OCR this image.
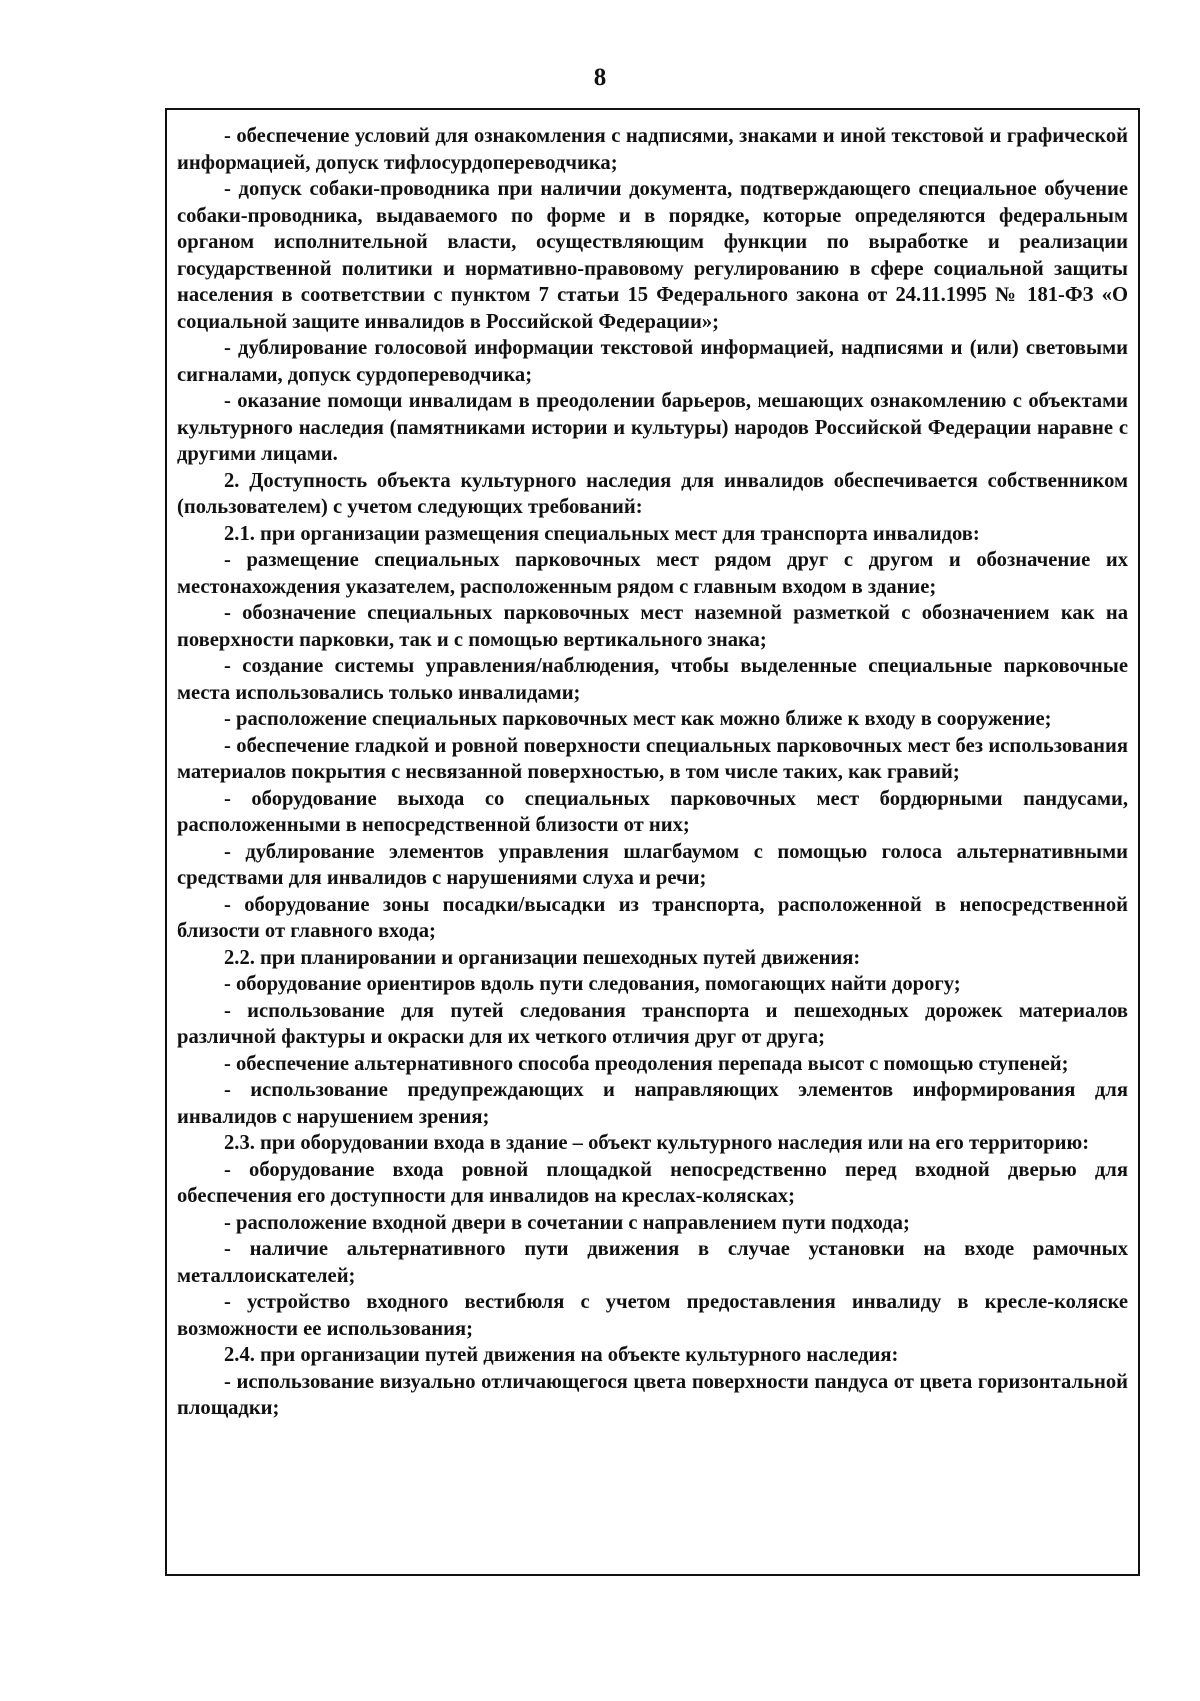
8

- обеспечение условий для ознакомления с надписями, знаками и иной текстовой и графической информацией, допуск тифлосурдопереводчика;

- допуск собаки-проводника при наличии документа, подтверждающего специальное обучение собаки-проводника, выдаваемого по форме и в порядке, которые определяются федеральным органом исполнительной власти, осуществляющим функции по выработке и реализации государственной политики и нормативно-правовому регулированию в сфере социальной защиты населения в соответствии с пунктом 7 статьи 15 Федерального закона от 24.11.1995 № 181-ФЗ «О социальной защите инвалидов в Российской Федерации»;

- дублирование голосовой информации текстовой информацией, надписями и (или) световыми сигналами, допуск сурдопереводчика;

- оказание помощи инвалидам в преодолении барьеров, мешающих ознакомлению с объектами культурного наследия (памятниками истории и культуры) народов Российской Федерации наравне с другими лицами.

2. Доступность объекта культурного наследия для инвалидов обеспечивается собственником (пользователем) с учетом следующих требований:

2.1. при организации размещения специальных мест для транспорта инвалидов:

- размещение специальных парковочных мест рядом друг с другом и обозначение их местонахождения указателем, расположенным рядом с главным входом в здание;

- обозначение специальных парковочных мест наземной разметкой с обозначением как на поверхности парковки, так и с помощью вертикального знака;

- создание системы управления/наблюдения, чтобы выделенные специальные парковочные места использовались только инвалидами;

- расположение специальных парковочных мест как можно ближе к входу в сооружение;

- обеспечение гладкой и ровной поверхности специальных парковочных мест без использования материалов покрытия с несвязанной поверхностью, в том числе таких, как гравий;

- оборудование выхода со специальных парковочных мест бордюрными пандусами, расположенными в непосредственной близости от них;

- дублирование элементов управления шлагбаумом с помощью голоса альтернативными средствами для инвалидов с нарушениями слуха и речи;

- оборудование зоны посадки/высадки из транспорта, расположенной в непосредственной близости от главного входа;

2.2. при планировании и организации пешеходных путей движения:

- оборудование ориентиров вдоль пути следования, помогающих найти дорогу;

- использование для путей следования транспорта и пешеходных дорожек материалов различной фактуры и окраски для их четкого отличия друг от друга;

- обеспечение альтернативного способа преодоления перепада высот с помощью ступеней;

- использование предупреждающих и направляющих элементов информирования для инвалидов с нарушением зрения;

2.3. при оборудовании входа в здание – объект культурного наследия или на его территорию:

- оборудование входа ровной площадкой непосредственно перед входной дверью для обеспечения его доступности для инвалидов на креслах-колясках;

- расположение входной двери в сочетании с направлением пути подхода;

- наличие альтернативного пути движения в случае установки на входе рамочных металлоискателей;

- устройство входного вестибюля с учетом предоставления инвалиду в кресле-коляске возможности ее использования;

2.4. при организации путей движения на объекте культурного наследия:

- использование визуально отличающегося цвета поверхности пандуса от цвета горизонтальной площадки;
